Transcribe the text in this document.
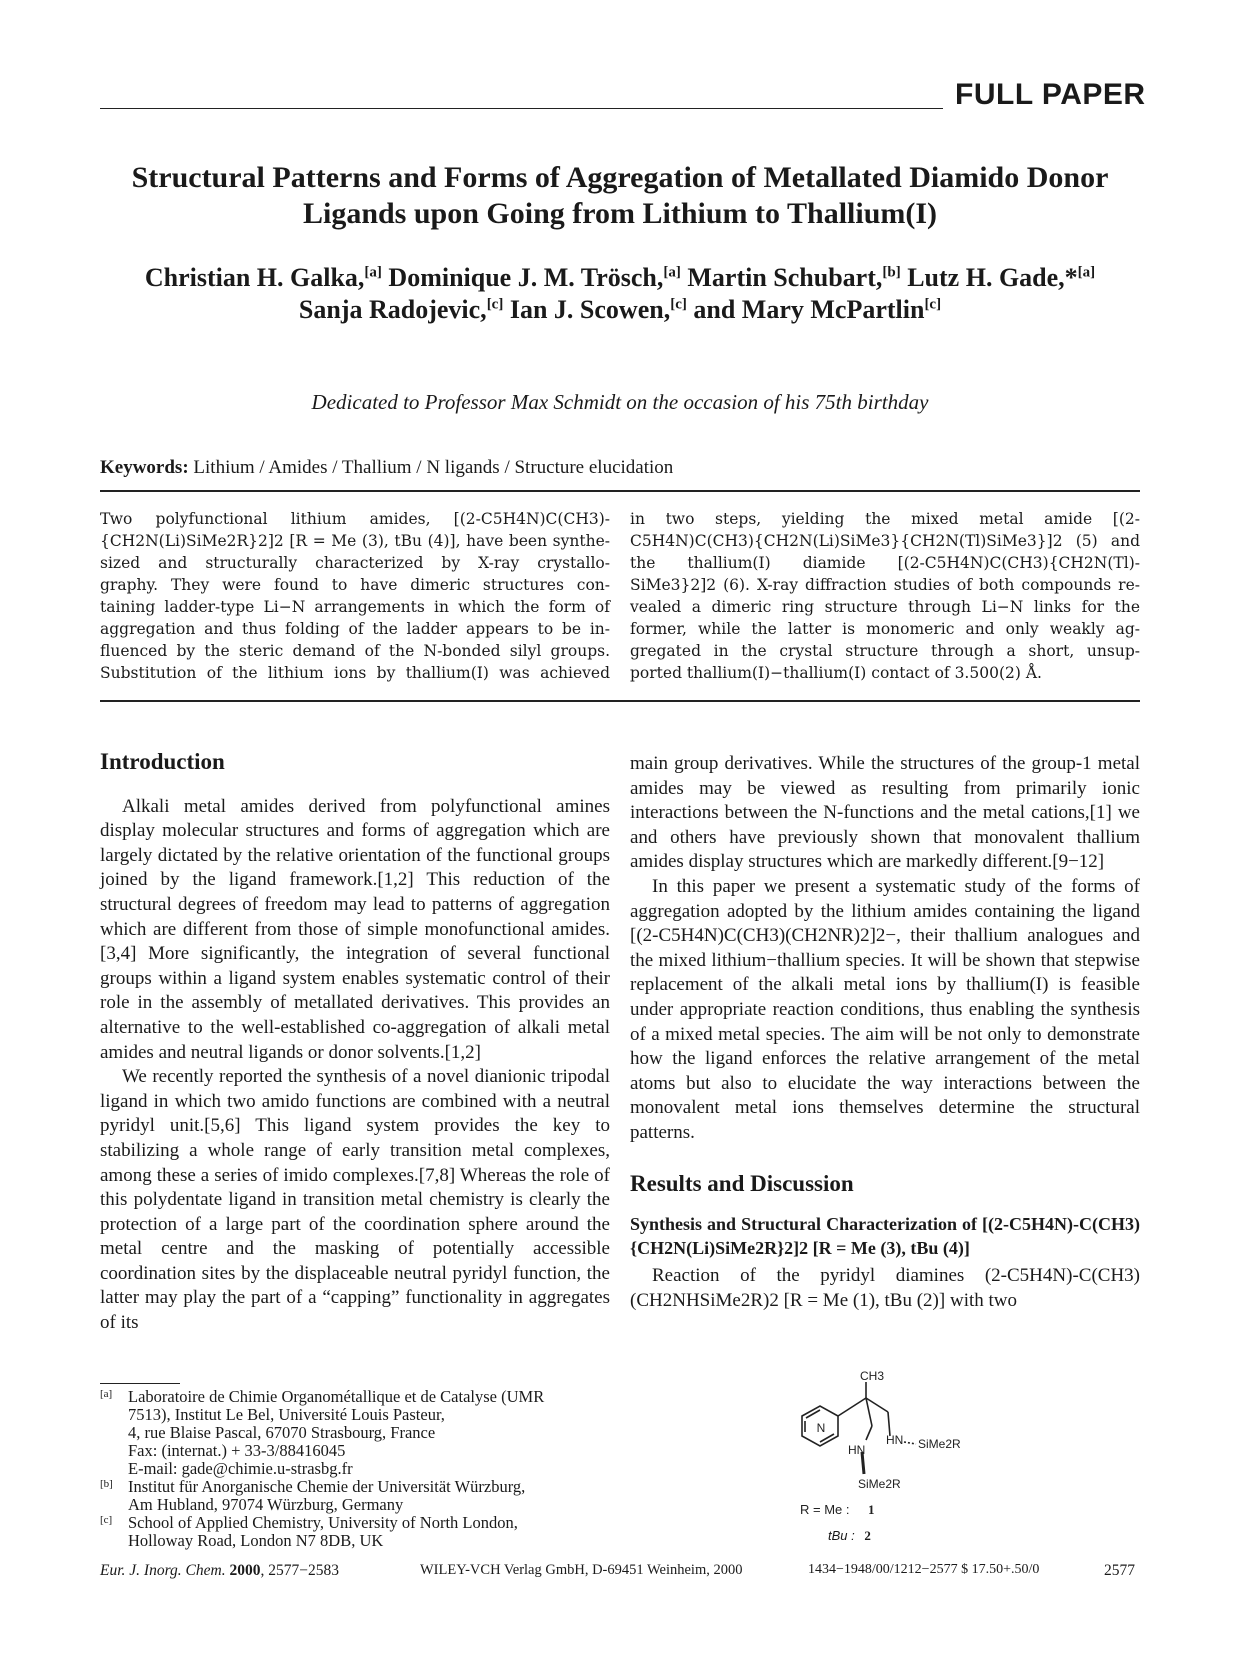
FULL PAPER
Structural Patterns and Forms of Aggregation of Metallated Diamido Donor Ligands upon Going from Lithium to Thallium(I)
Christian H. Galka,[a] Dominique J. M. Trösch,[a] Martin Schubart,[b] Lutz H. Gade,*[a]
Sanja Radojevic,[c] Ian J. Scowen,[c] and Mary McPartlin[c]
Dedicated to Professor Max Schmidt on the occasion of his 75th birthday
Keywords: Lithium / Amides / Thallium / N ligands / Structure elucidation
Two polyfunctional lithium amides, [(2-C5H4N)C(CH3)-
{CH2N(Li)SiMe2R}2]2 [R = Me (3), tBu (4)], have been synthe-
sized and structurally characterized by X-ray crystallo-
graphy. They were found to have dimeric structures con-
taining ladder-type Li−N arrangements in which the form of
aggregation and thus folding of the ladder appears to be in-
fluenced by the steric demand of the N-bonded silyl groups.
Substitution of the lithium ions by thallium(I) was achieved
in two steps, yielding the mixed metal amide [(2-
C5H4N)C(CH3){CH2N(Li)SiMe3}{CH2N(Tl)SiMe3}]2 (5) and
the thallium(I) diamide [(2-C5H4N)C(CH3){CH2N(Tl)-
SiMe3}2]2 (6). X-ray diffraction studies of both compounds re-
vealed a dimeric ring structure through Li−N links for the
former, while the latter is monomeric and only weakly ag-
gregated in the crystal structure through a short, unsup-
ported thallium(I)−thallium(I) contact of 3.500(2) Å.
Introduction

Alkali metal amides derived from polyfunctional amines display molecular structures and forms of aggregation which are largely dictated by the relative orientation of the functional groups joined by the ligand framework.[1,2] This reduction of the structural degrees of freedom may lead to patterns of aggregation which are different from those of simple monofunctional amides.[3,4] More significantly, the integration of several functional groups within a ligand system enables systematic control of their role in the assembly of metallated derivatives. This provides an alternative to the well-established co-aggregation of alkali metal amides and neutral ligands or donor solvents.[1,2]

We recently reported the synthesis of a novel dianionic tripodal ligand in which two amido functions are combined with a neutral pyridyl unit.[5,6] This ligand system provides the key to stabilizing a whole range of early transition metal complexes, among these a series of imido complexes.[7,8] Whereas the role of this polydentate ligand in transition metal chemistry is clearly the protection of a large part of the coordination sphere around the metal centre and the masking of potentially accessible coordination sites by the displaceable neutral pyridyl function, the latter may play the part of a “capping” functionality in aggregates of its

main group derivatives. While the structures of the group-1 metal amides may be viewed as resulting from primarily ionic interactions between the N-functions and the metal cations,[1] we and others have previously shown that monovalent thallium amides display structures which are markedly different.[9−12]

In this paper we present a systematic study of the forms of aggregation adopted by the lithium amides containing the ligand [(2-C5H4N)C(CH3)(CH2NR)2]2−, their thallium analogues and the mixed lithium−thallium species. It will be shown that stepwise replacement of the alkali metal ions by thallium(I) is feasible under appropriate reaction conditions, thus enabling the synthesis of a mixed metal species. The aim will be not only to demonstrate how the ligand enforces the relative arrangement of the metal atoms but also to elucidate the way interactions between the monovalent metal ions themselves determine the structural patterns.

Results and Discussion
Synthesis and Structural Characterization of [(2-C5H4N)-C(CH3){CH2N(Li)SiMe2R}2]2 [R = Me (3), tBu (4)]

Reaction of the pyridyl diamines (2-C5H4N)-C(CH3)(CH2NHSiMe2R)2 [R = Me (1), tBu (2)] with two

N
CH3
HN
HN	SiMe2R
SiMe2R
R = Me : 1
tBu : 2
[a] Laboratoire de Chimie Organométallique et de Catalyse (UMR
7513), Institut Le Bel, Université Louis Pasteur,
4, rue Blaise Pascal, 67070 Strasbourg, France
Fax: (internat.) + 33-3/88416045
E-mail: gade@chimie.u-strasbg.fr
[b] Institut für Anorganische Chemie der Universität Würzburg,
Am Hubland, 97074 Würzburg, Germany
[c] School of Applied Chemistry, University of North London,
Holloway Road, London N7 8DB, UK
Eur. J. Inorg. Chem. 2000, 2577−2583	WILEY-VCH Verlag GmbH, D-69451 Weinheim, 2000	1434−1948/00/1212−2577 $ 17.50+.50/0	2577
